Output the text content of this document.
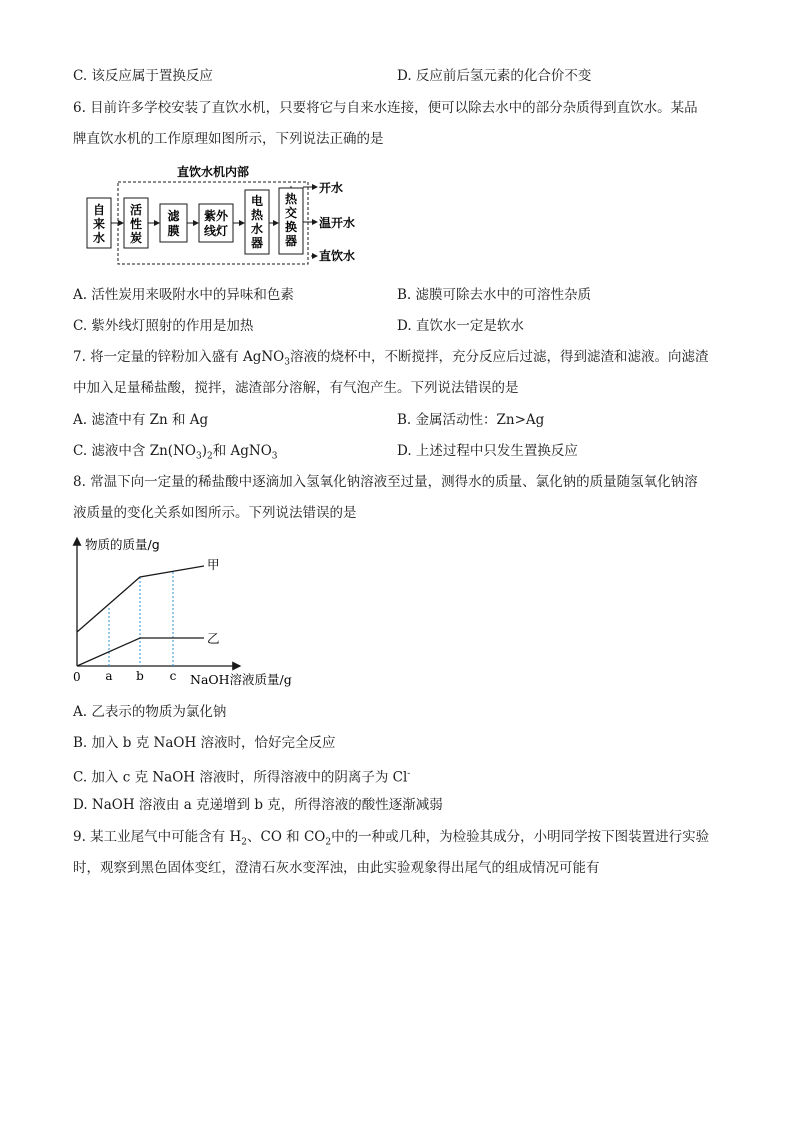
C. 该反应属于置换反应	D. 反应前后氢元素的化合价不变
6. 目前许多学校安装了直饮水机，只要将它与自来水连接，便可以除去水中的部分杂质得到直饮水。某品
牌直饮水机的工作原理如图所示，下列说法正确的是
直饮水机内部
自
来
水
活
性
炭
滤
膜
紫外
线灯
电
热
水
器
热
交
换
器
开水
温开水
直饮水
A. 活性炭用来吸附水中的异味和色素	B. 滤膜可除去水中的可溶性杂质
C. 紫外线灯照射的作用是加热	D. 直饮水一定是软水
7. 将一定量的锌粉加入盛有 AgNO$_3$溶液的烧杯中，不断搅拌，充分反应后过滤，得到滤渣和滤液。向滤渣
中加入足量稀盐酸，搅拌，滤渣部分溶解，有气泡产生。下列说法错误的是
A. 滤渣中有 Zn 和 Ag	B. 金属活动性：Zn>Ag
C. 滤液中含 $Zn(NO_3)_2$和 AgNO$_3$	D. 上述过程中只发生置换反应
8. 常温下向一定量的稀盐酸中逐滴加入氢氧化钠溶液至过量，测得水的质量、氯化钠的质量随氢氧化钠溶
液质量的变化关系如图所示。下列说法错误的是
物质的质量/g
NaOH溶液质量/g
0
甲
乙
a b c
A. 乙表示的物质为氯化钠
B. 加入 b 克 NaOH 溶液时，恰好完全反应
C. 加入 c 克 NaOH 溶液时，所得溶液中的阴离子为 Cl-
D. NaOH 溶液由 a 克递增到 b 克，所得溶液的酸性逐渐减弱
9. 某工业尾气中可能含有 $H_2$、CO 和 $CO_2$中的一种或几种，为检验其成分，小明同学按下图装置进行实验
时，观察到黑色固体变红，澄清石灰水变浑浊，由此实验观象得出尾气的组成情况可能有
